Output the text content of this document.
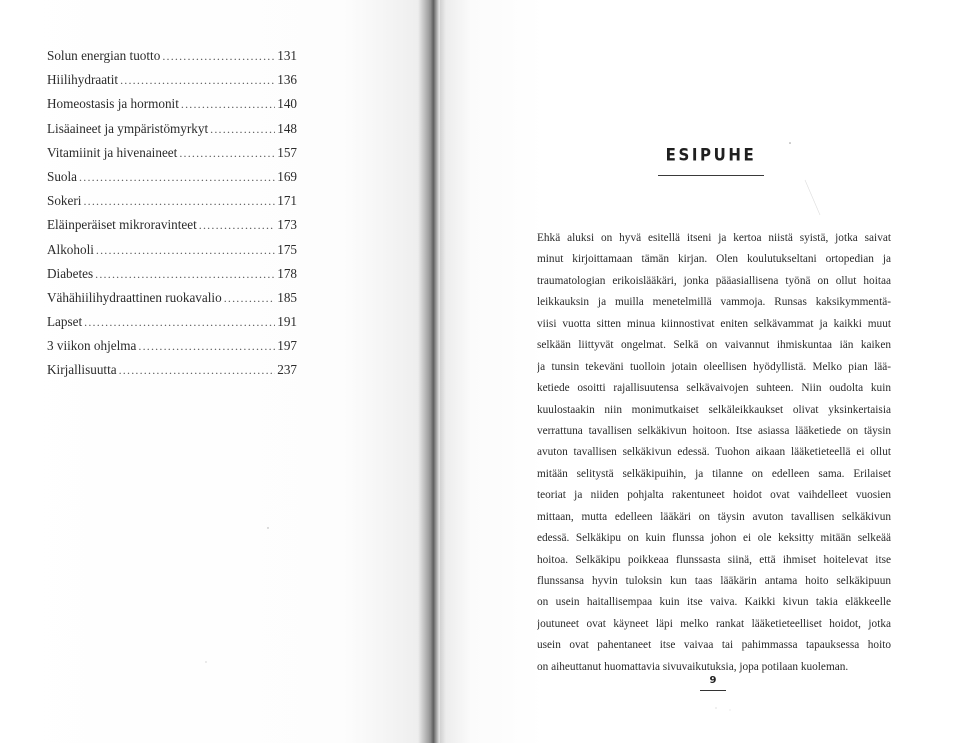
Solun energian tuotto .....	131
Hiilihydraatit .....	136
Homeostasis ja hormonit .....	140
Lisäaineet ja ympäristömyrkyt .....	148
Vitamiinit ja hivenaineet .....	157
Suola .....	169
Sokeri .....	171
Eläinperäiset mikroravinteet .....	173
Alkoholi .....	175
Diabetes .....	178
Vähähiilihydraattinen ruokavalio .....	185
Lapset .....	191
3 viikon ohjelma .....	197
Kirjallisuutta .....	237
ESIPUHE
Ehkä aluksi on hyvä esitellä itseni ja kertoa niistä syistä, jotka saivat
minut kirjoittamaan tämän kirjan. Olen koulutukseltani ortopedian ja
traumatologian erikoislääkäri, jonka pääasiallisena työnä on ollut hoitaa
leikkauksin ja muilla menetelmillä vammoja. Runsas kaksikymmentä-
viisi vuotta sitten minua kiinnostivat eniten selkävammat ja kaikki muut
selkään liittyvät ongelmat. Selkä on vaivannut ihmiskuntaa iän kaiken
ja tunsin tekeväni tuolloin jotain oleellisen hyödyllistä. Melko pian lää-
ketiede osoitti rajallisuutensa selkävaivojen suhteen. Niin oudolta kuin
kuulostaakin niin monimutkaiset selkäleikkaukset olivat yksinkertaisia
verrattuna tavallisen selkäkivun hoitoon. Itse asiassa lääketiede on täysin
avuton tavallisen selkäkivun edessä. Tuohon aikaan lääketieteellä ei ollut
mitään selitystä selkäkipuihin, ja tilanne on edelleen sama. Erilaiset
teoriat ja niiden pohjalta rakentuneet hoidot ovat vaihdelleet vuosien
mittaan, mutta edelleen lääkäri on täysin avuton tavallisen selkäkivun
edessä. Selkäkipu on kuin flunssa johon ei ole keksitty mitään selkeää
hoitoa. Selkäkipu poikkeaa flunssasta siinä, että ihmiset hoitelevat itse
flunssansa hyvin tuloksin kun taas lääkärin antama hoito selkäkipuun
on usein haitallisempaa kuin itse vaiva. Kaikki kivun takia eläkkeelle
joutuneet ovat käyneet läpi melko rankat lääketieteelliset hoidot, jotka
usein ovat pahentaneet itse vaivaa tai pahimmassa tapauksessa hoito
on aiheuttanut huomattavia sivuvaikutuksia, jopa potilaan kuoleman.
9
